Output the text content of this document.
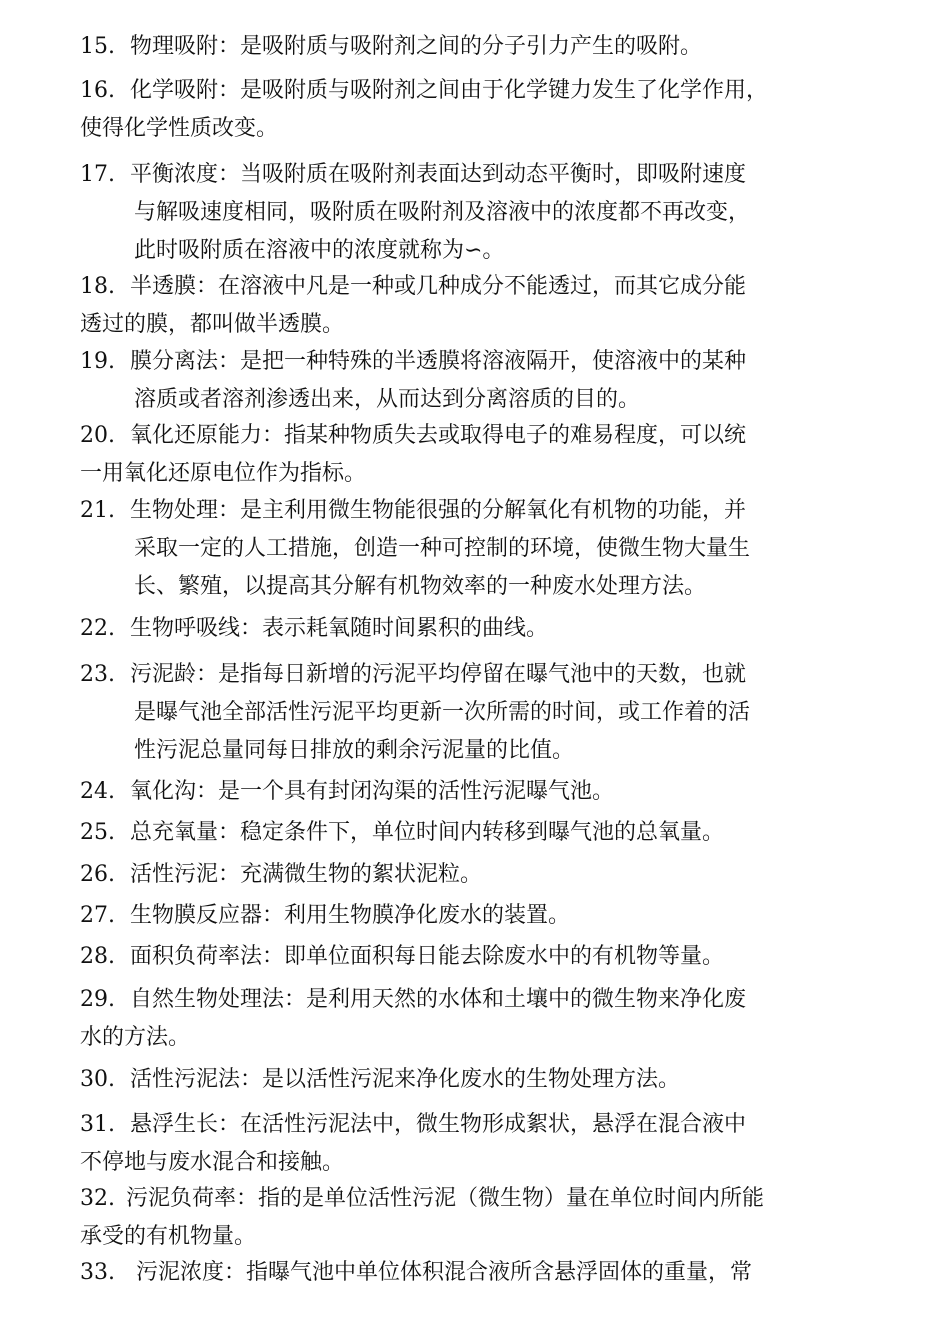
15. 物理吸附：是吸附质与吸附剂之间的分子引力产生的吸附。
16. 化学吸附：是吸附质与吸附剂之间由于化学键力发生了化学作用，
使得化学性质改变。
17. 平衡浓度：当吸附质在吸附剂表面达到动态平衡时，即吸附速度
与解吸速度相同，吸附质在吸附剂及溶液中的浓度都不再改变，
此时吸附质在溶液中的浓度就称为∽。
18. 半透膜：在溶液中凡是一种或几种成分不能透过，而其它成分能
透过的膜，都叫做半透膜。
19. 膜分离法：是把一种特殊的半透膜将溶液隔开，使溶液中的某种
溶质或者溶剂渗透出来，从而达到分离溶质的目的。
20. 氧化还原能力：指某种物质失去或取得电子的难易程度，可以统
一用氧化还原电位作为指标。
21. 生物处理：是主利用微生物能很强的分解氧化有机物的功能，并
采取一定的人工措施，创造一种可控制的环境，使微生物大量生
长、繁殖，以提高其分解有机物效率的一种废水处理方法。
22. 生物呼吸线：表示耗氧随时间累积的曲线。
23. 污泥龄：是指每日新增的污泥平均停留在曝气池中的天数，也就
是曝气池全部活性污泥平均更新一次所需的时间，或工作着的活
性污泥总量同每日排放的剩余污泥量的比值。
24. 氧化沟：是一个具有封闭沟渠的活性污泥曝气池。
25. 总充氧量：稳定条件下，单位时间内转移到曝气池的总氧量。
26. 活性污泥：充满微生物的絮状泥粒。
27. 生物膜反应器：利用生物膜净化废水的装置。
28. 面积负荷率法：即单位面积每日能去除废水中的有机物等量。
29. 自然生物处理法：是利用天然的水体和土壤中的微生物来净化废
水的方法。
30. 活性污泥法：是以活性污泥来净化废水的生物处理方法。
31. 悬浮生长：在活性污泥法中，微生物形成絮状，悬浮在混合液中
不停地与废水混合和接触。
32. 污泥负荷率：指的是单位活性污泥（微生物）量在单位时间内所能
承受的有机物量。
33. 污泥浓度：指曝气池中单位体积混合液所含悬浮固体的重量，常
